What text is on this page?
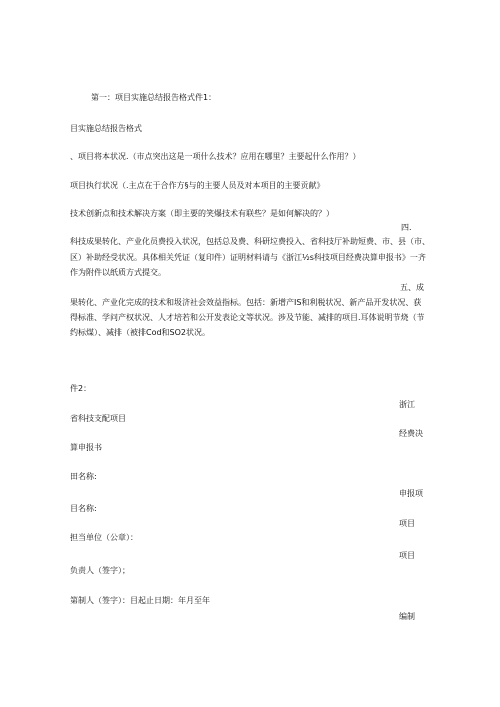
第一：项目实施总结报告格式件1：
目实施总结报告格式
、项目将本状况.（市点突出这是一项什么技术？应用在哪里？主要起什么作用？）
项目执行状况（.主点在于合作方§与的主要人员及对本项目的主要贡献》
技术创新点和技术解决方案（即主要的笑爆技术有联些？是如何解决的？）
四.
科技成果转化、产业化员费投入状况，包括总及费、科研垃费投入、省科技厅补助短费、市、县（市、
区）补助经受状况。具体相关凭证（复印件）证明材料请与《浙江½s科技项目经费决算申报书》一齐
作为附件以纸质方式提交。
五、成
果转化、产业化完成的技术和圾济社会效益指标。包括：新增产IS和利税状况、新产品开发状况、获
得标准、学问产权状况、人才培若和公开发表论文等状况。涉及节能、减排的项目.耳体说明节烧（节
约标煤）、减排（被排Cod和SO2状况。
件2：
浙江
省科技支配项目
经费决
算申报书
田名称:
申报项
目名称:
项目
担当单位（公章）：
项目
负责人（签字）；
第制人（签字）：目起止日期：年月至年
编制
